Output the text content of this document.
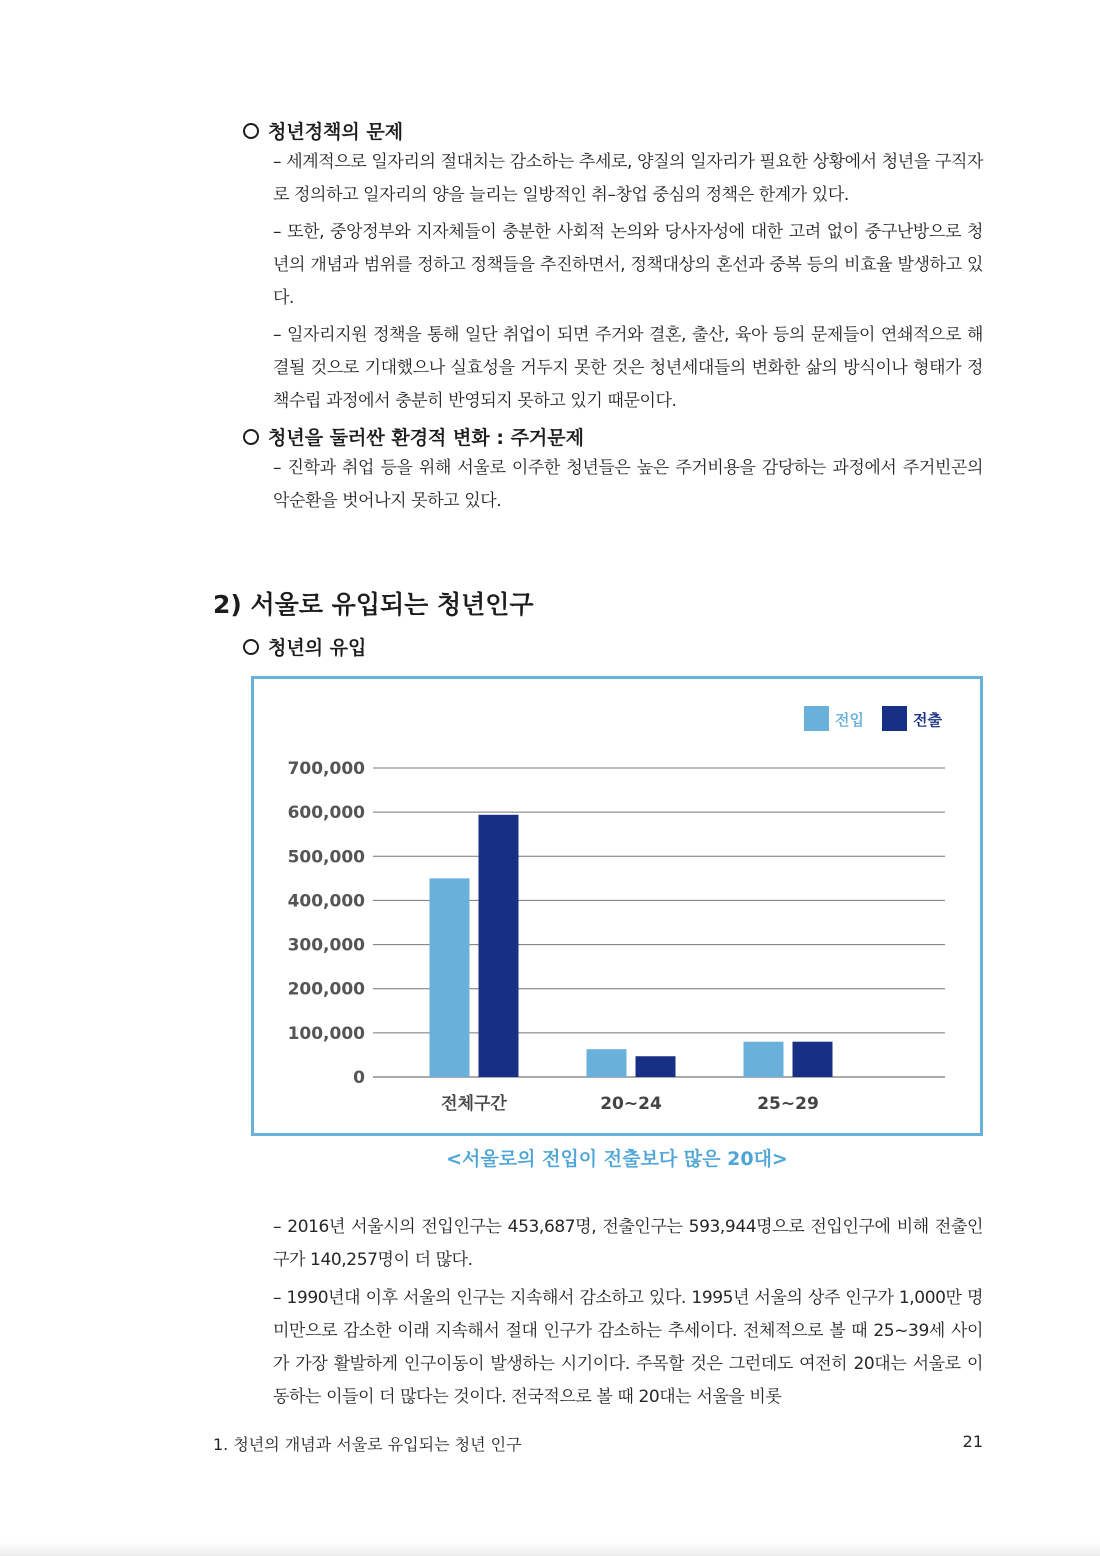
청년정책의 문제
– 세계적으로 일자리의 절대치는 감소하는 추세로, 양질의 일자리가 필요한 상황에서 청년을 구직자로 정의하고 일자리의 양을 늘리는 일방적인 취–창업 중심의 정책은 한계가 있다.
– 또한, 중앙정부와 지자체들이 충분한 사회적 논의와 당사자성에 대한 고려 없이 중구난방으로 청년의 개념과 범위를 정하고 정책들을 추진하면서, 정책대상의 혼선과 중복 등의 비효율 발생하고 있다.
– 일자리지원 정책을 통해 일단 취업이 되면 주거와 결혼, 출산, 육아 등의 문제들이 연쇄적으로 해결될 것으로 기대했으나 실효성을 거두지 못한 것은 청년세대들의 변화한 삶의 방식이나 형태가 정책수립 과정에서 충분히 반영되지 못하고 있기 때문이다.
청년을 둘러싼 환경적 변화 : 주거문제
– 진학과 취업 등을 위해 서울로 이주한 청년들은 높은 주거비용을 감당하는 과정에서 주거빈곤의 악순환을 벗어나지 못하고 있다.
2) 서울로 유입되는 청년인구
청년의 유입
700,000
600,000
500,000
400,000
300,000
200,000
100,000
0
전체구간	20~24	25~29
전입	전출
<서울로의 전입이 전출보다 많은 20대>
– 2016년 서울시의 전입인구는 453,687명, 전출인구는 593,944명으로 전입인구에 비해 전출인구가 140,257명이 더 많다.
– 1990년대 이후 서울의 인구는 지속해서 감소하고 있다. 1995년 서울의 상주 인구가 1,000만 명 미만으로 감소한 이래 지속해서 절대 인구가 감소하는 추세이다. 전체적으로 볼 때 25~39세 사이가 가장 활발하게 인구이동이 발생하는 시기이다. 주목할 것은 그런데도 여전히 20대는 서울로 이동하는 이들이 더 많다는 것이다. 전국적으로 볼 때 20대는 서울을 비롯
1. 청년의 개념과 서울로 유입되는 청년 인구	21
